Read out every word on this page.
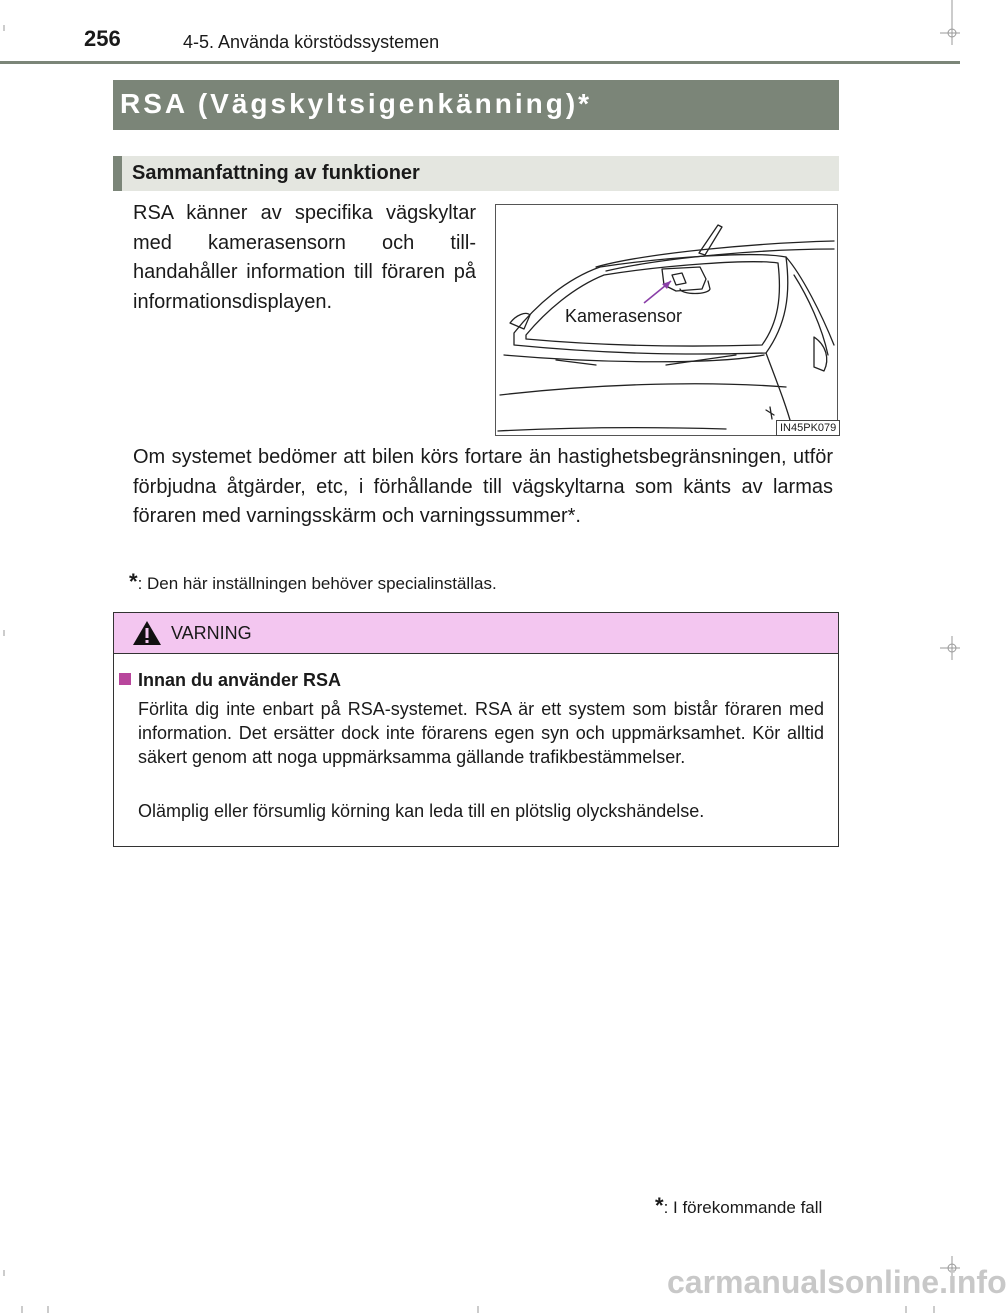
256	4-5. Använda körstödssystemen
RSA (Vägskyltsigenkänning)*
Sammanfattning av funktioner
RSA känner av specifika vägskyltar med kamerasensorn och tillhandahåller information till föraren på informationsdisplayen.
Kamerasensor
IN45PK079
Om systemet bedömer att bilen körs fortare än hastighetsbegränsningen, utför förbjudna åtgärder, etc, i förhållande till vägskyltarna som känts av larmas föraren med varningsskärm och varningssummer*.
*: Den här inställningen behöver specialinställas.
VARNING
Innan du använder RSA
Förlita dig inte enbart på RSA-systemet. RSA är ett system som bistår föraren med information. Det ersätter dock inte förarens egen syn och uppmärksamhet. Kör alltid säkert genom att noga uppmärksamma gällande trafikbestämmelser.
Olämplig eller försumlig körning kan leda till en plötslig olyckshändelse.
*: I förekommande fall
carmanualsonline.info
